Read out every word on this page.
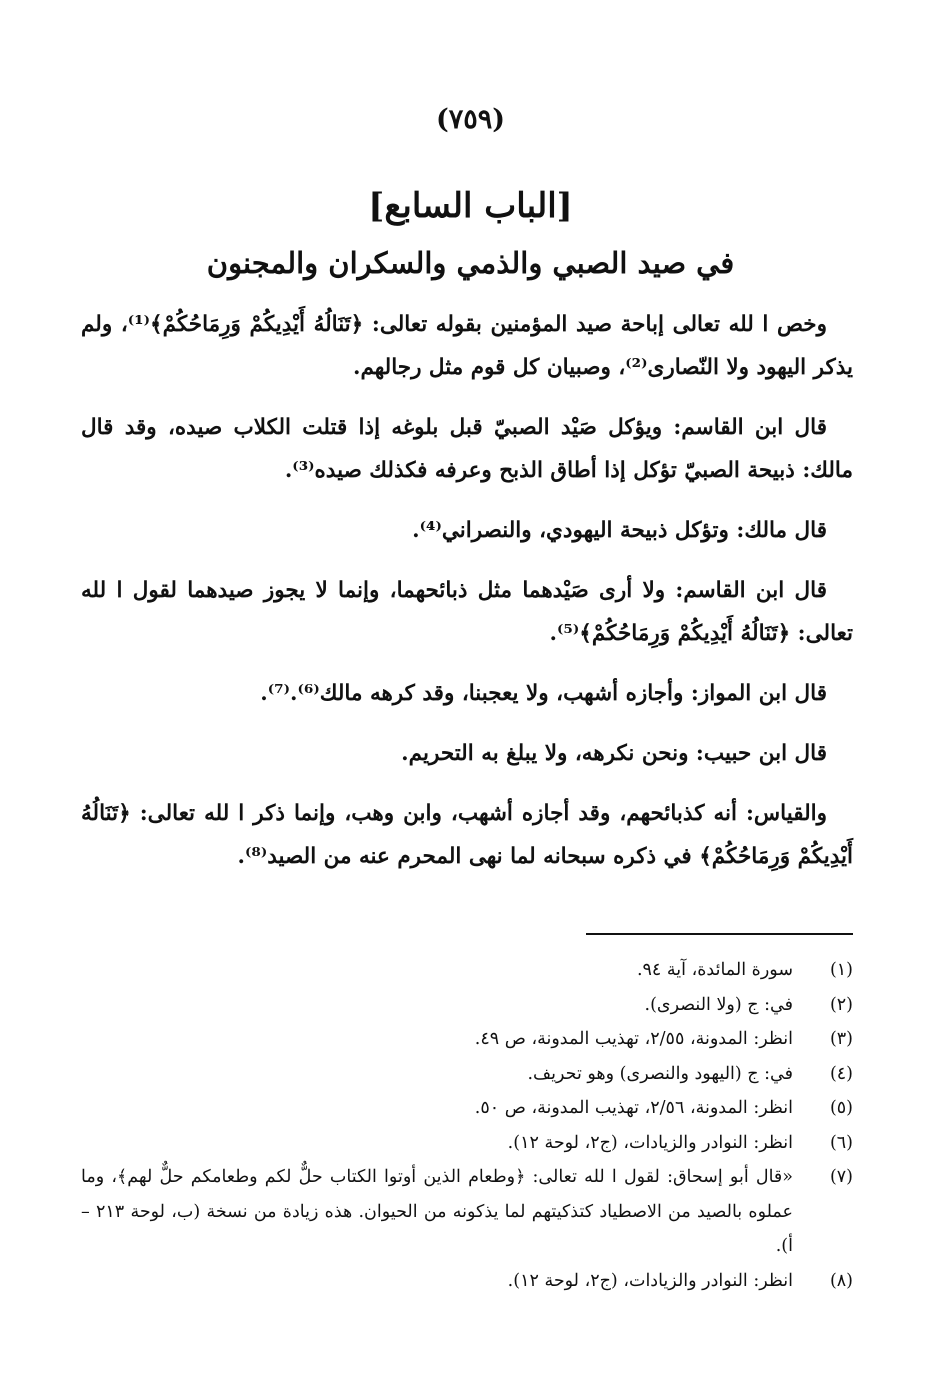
(٧٥٩)
[الباب السابع]
في صيد الصبي والذمي والسكران والمجنون

وخص ا لله تعالى إباحة صيد المؤمنين بقوله تعالى: ﴿تَنَالُهُ أَيْدِيكُمْ وَرِمَاحُكُمْ﴾⁽¹⁾، ولم يذكر اليهود ولا النّصارى⁽²⁾، وصبيان كل قوم مثل رجالهم.

قال ابن القاسم: ويؤكل صَيْد الصبيّ قبل بلوغه إذا قتلت الكلاب صيده، وقد قال مالك: ذبيحة الصبيّ تؤكل إذا أطاق الذبح وعرفه فكذلك صيده⁽³⁾.

قال مالك: وتؤكل ذبيحة اليهودي، والنصراني⁽⁴⁾.

قال ابن القاسم: ولا أرى صَيْدهما مثل ذبائحهما، وإنما لا يجوز صيدهما لقول ا لله تعالى: ﴿تَنَالُهُ أَيْدِيكُمْ وَرِمَاحُكُمْ﴾⁽⁵⁾.

قال ابن المواز: وأجازه أشهب، ولا يعجبنا، وقد كرهه مالك⁽⁶⁾.⁽⁷⁾.

قال ابن حبيب: ونحن نكرهه، ولا يبلغ به التحريم.

والقياس: أنه كذبائحهم، وقد أجازه أشهب، وابن وهب، وإنما ذكر ا لله تعالى: ﴿تَنَالُهُ أَيْدِيكُمْ وَرِمَاحُكُمْ﴾ في ذكره سبحانه لما نهى المحرم عنه من الصيد⁽⁸⁾.

(١)
سورة المائدة، آية ٩٤.
(٢)
في: ج (ولا النصرى).
(٣)
انظر: المدونة، ٢/٥٥، تهذيب المدونة، ص ٤٩.
(٤)
في: ج (اليهود والنصرى) وهو تحريف.
(٥)
انظر: المدونة، ٢/٥٦، تهذيب المدونة، ص ٥٠.
(٦)
انظر: النوادر والزيادات، (ج٢، لوحة ١٢).
(٧)
«قال أبو إسحاق: لقول ا لله تعالى: ﴿وطعام الذين أوتوا الكتاب حلٌّ لكم وطعامكم حلٌّ لهم﴾، وما عملوه بالصيد من الاصطياد كتذكيتهم لما يذكونه من الحيوان. هذه زيادة من نسخة (ب، لوحة ٢١٣ – أ).
(٨)
انظر: النوادر والزيادات، (ج٢، لوحة ١٢).
